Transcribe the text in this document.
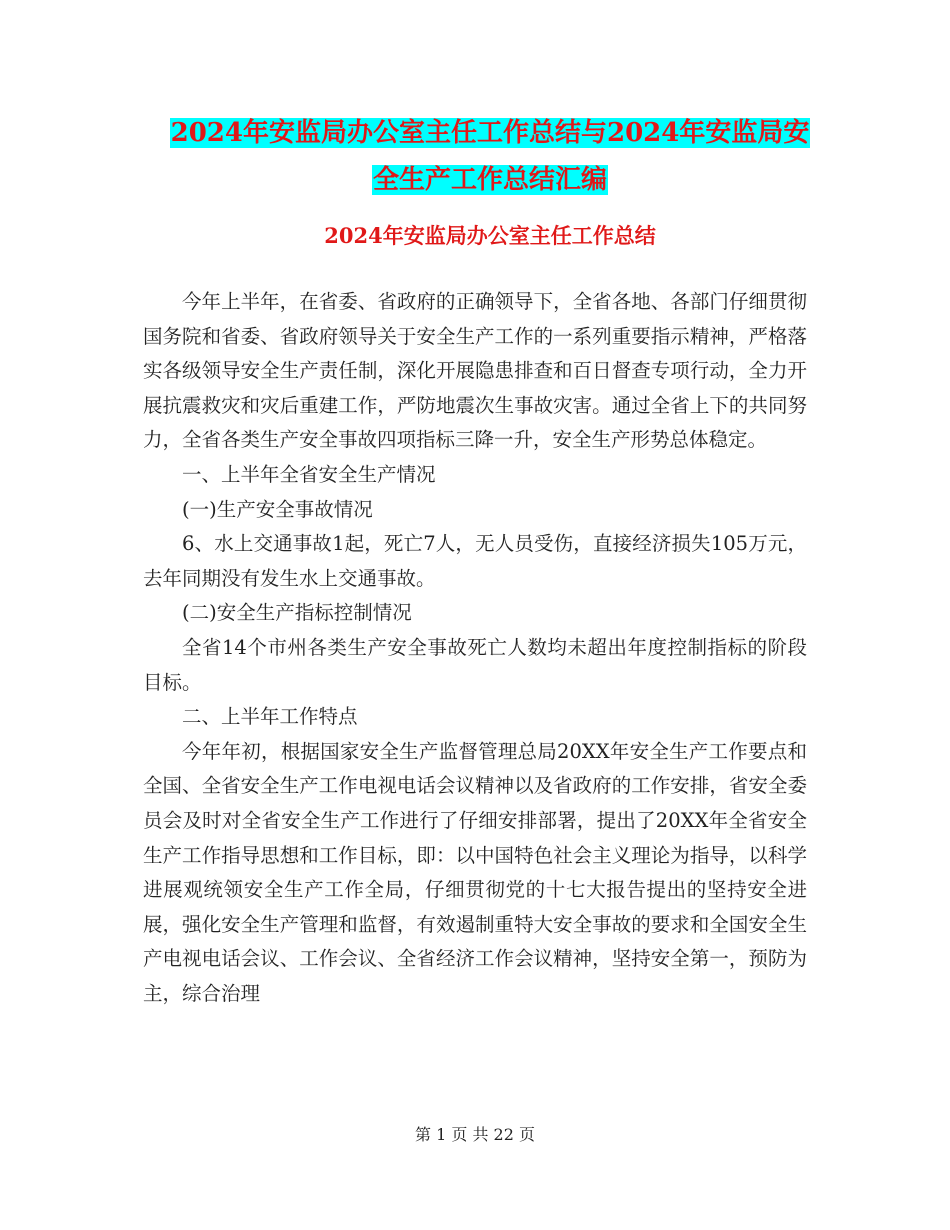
2024年安监局办公室主任工作总结与2024年安监局安
全生产工作总结汇编
2024年安监局办公室主任工作总结

今年上半年，在省委、省政府的正确领导下，全省各地、各部门仔细贯彻国务院和省委、省政府领导关于安全生产工作的一系列重要指示精神，严格落实各级领导安全生产责任制，深化开展隐患排查和百日督查专项行动，全力开展抗震救灾和灾后重建工作，严防地震次生事故灾害。通过全省上下的共同努力，全省各类生产安全事故四项指标三降一升，安全生产形势总体稳定。

一、上半年全省安全生产情况

(一)生产安全事故情况

6、水上交通事故1起，死亡7人，无人员受伤，直接经济损失105万元，去年同期没有发生水上交通事故。

(二)安全生产指标控制情况

全省14个市州各类生产安全事故死亡人数均未超出年度控制指标的阶段目标。

二、上半年工作特点

今年年初，根据国家安全生产监督管理总局20XX年安全生产工作要点和全国、全省安全生产工作电视电话会议精神以及省政府的工作安排，省安全委员会及时对全省安全生产工作进行了仔细安排部署，提出了20XX年全省安全生产工作指导思想和工作目标，即：以中国特色社会主义理论为指导，以科学进展观统领安全生产工作全局，仔细贯彻党的十七大报告提出的坚持安全进展，强化安全生产管理和监督，有效遏制重特大安全事故的要求和全国安全生产电视电话会议、工作会议、全省经济工作会议精神，坚持安全第一，预防为主，综合治理

第 1 页 共 22 页
